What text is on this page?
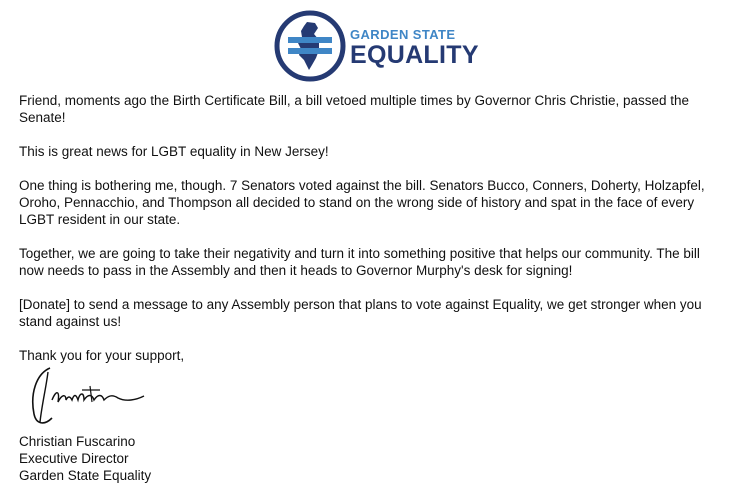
GARDEN STATE
EQUALITY

Friend, moments ago the Birth Certificate Bill, a bill vetoed multiple times by Governor Chris Christie, passed the Senate!

This is great news for LGBT equality in New Jersey!

One thing is bothering me, though. 7 Senators voted against the bill. Senators Bucco, Conners, Doherty, Holzapfel, Oroho, Pennacchio, and Thompson all decided to stand on the wrong side of history and spat in the face of every LGBT resident in our state.

Together, we are going to take their negativity and turn it into something positive that helps our community. The bill now needs to pass in the Assembly and then it heads to Governor Murphy's desk for signing!

[Donate] to send a message to any Assembly person that plans to vote against Equality, we get stronger when you stand against us!

Thank you for your support,

Christian Fuscarino
Executive Director
Garden State Equality
